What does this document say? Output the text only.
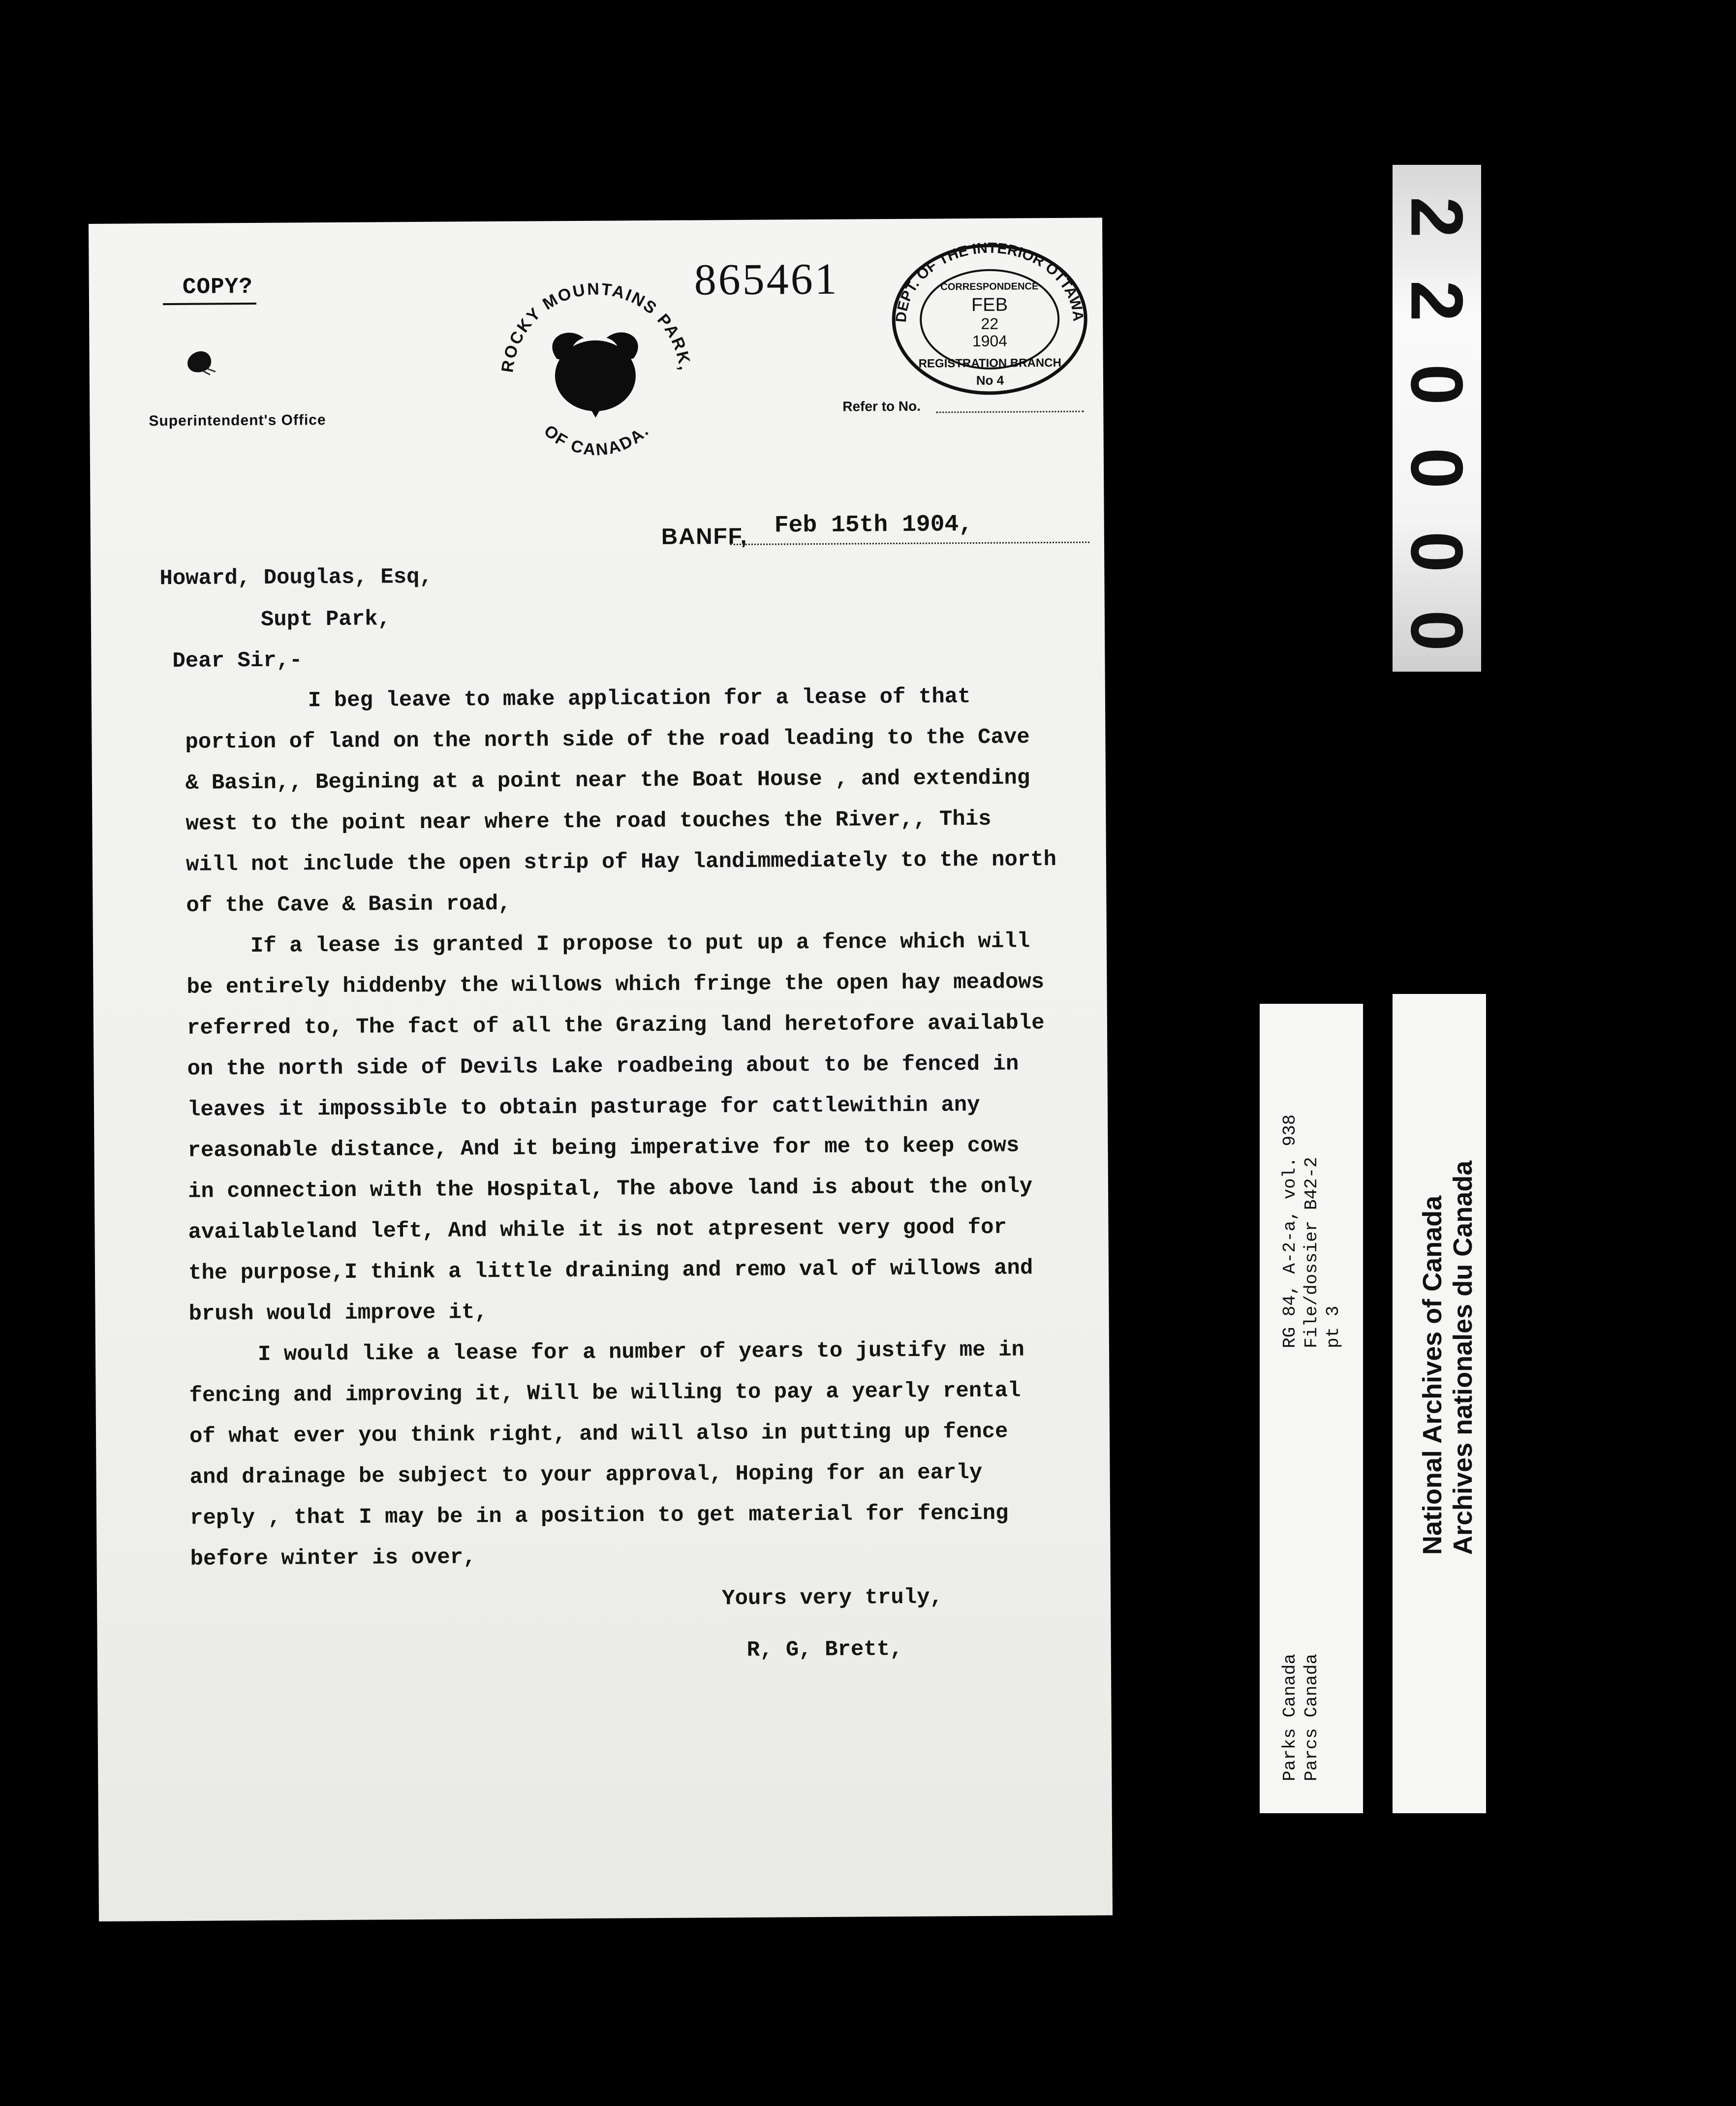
COPY?
Superintendent's Office
ROCKY MOUNTAINS PARK,
OF CANADA.
865461
DEPT. OF THE INTERIOR OTTAWA
CORRESPONDENCE
FEB
22
1904
REGISTRATION BRANCH
No 4
Refer to No.
BANFF, Feb 15th 1904,
Howard, Douglas, Esq,
Supt Park,
Dear Sir,-
I beg leave to make application for a lease of that
portion of land on the north side of the road leading to the Cave
& Basin,, Begining at a point near the Boat House , and extending
west to the point near where the road touches the River,, This
will not include the open strip of Hay landimmediately to the north
of the Cave & Basin road,
If a lease is granted I propose to put up a fence which will
be entirely hiddenby the willows which fringe the open hay meadows
referred to, The fact of all the Grazing land heretofore available
on the north side of Devils Lake roadbeing about to be fenced in
leaves it impossible to obtain pasturage for cattlewithin any
reasonable distance, And it being imperative for me to keep cows
in connection with the Hospital, The above land is about the only
availableland left, And while it is not atpresent very good for
the purpose,I think a little draining and remo val of willows and
brush would improve it,
I would like a lease for a number of years to justify me in
fencing and improving it, Will be willing to pay a yearly rental
of what ever you think right, and will also in putting up fence
and drainage be subject to your approval, Hoping for an early
reply , that I may be in a position to get material for fencing
before winter is over,
Yours very truly,
R, G, Brett,
2
2
0
0
0
0
RG 84, A-2-a, vol. 938 File/dossier B42-2 pt 3
Parks Canada Parcs Canada
National Archives of Canada Archives nationales du Canada
